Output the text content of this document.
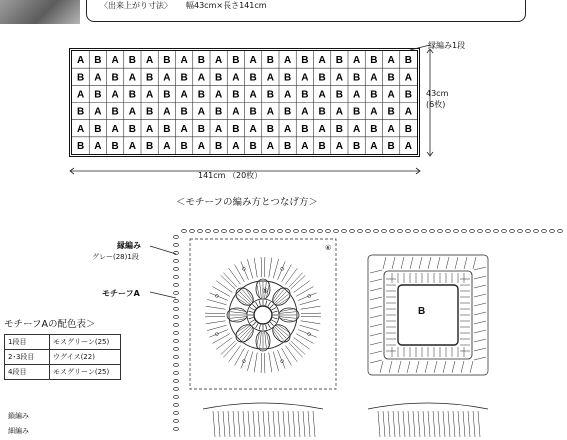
〈出来上がり寸法〉 幅43cm×長さ141cm
A B A B A B A B A B A B A B A B A B A B
B A B A B A B A B A B A B A B A B A B A
A B A B A B A B A B A B A B A B A B A B
B A B A B A B A B A B A B A B A B A B A
A B A B A B A B A B A B A B A B A B A B
B A B A B A B A B A B A B A B A B A B A
縁編み1段
43cm
(6枚)
141cm （20枚）
＜モチーフの編み方とつなげ方＞
縁編み
グレー(28)1段
モチーフA
B
⑥
⑤
モチーフAの配色表＞
1段目	モスグリーン(25)
2･3段目	ウグイス(22)
4段目	モスグリーン(25)
鎖編み
細編み
